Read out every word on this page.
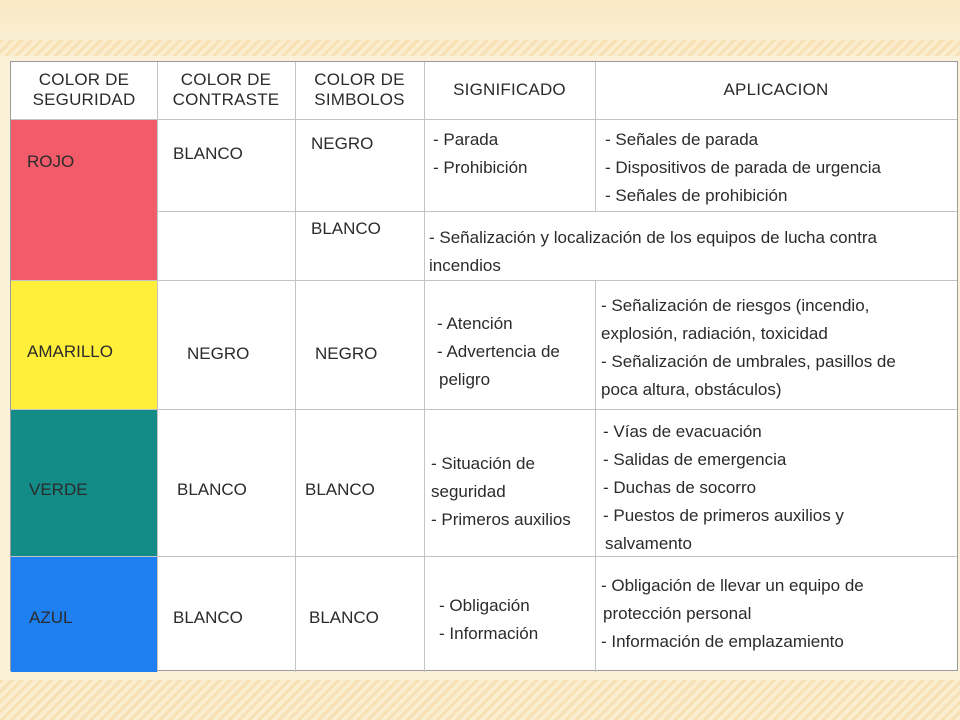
COLOR DE
SEGURIDAD
COLOR DE
CONTRASTE
COLOR DE
SIMBOLOS
SIGNIFICADO	APLICACION
ROJO	BLANCO
NEGRO
-	Parada
- Prohibición
- Señales de parada
- Dispositivos de parada de urgencia
- Señales de prohibición
BLANCO	- Señalización y localización de los equipos de lucha contra
incendios
AMARILLO	NEGRO	NEGRO
- Atención
- Advertencia de
peligro
- Señalización de riesgos (incendio,
explosión, radiación, toxicidad
- Señalización de umbrales, pasillos de
poca altura, obstáculos)
VERDE	BLANCO	BLANCO
- Situación de
seguridad
- Primeros auxilios
- Vías de evacuación
- Salidas de emergencia
- Duchas de socorro
- Puestos de primeros auxilios y
salvamento
AZUL	BLANCO	BLANCO
- Obligación
- Información
- Obligación de llevar un equipo de
protección personal
- Información de emplazamiento
